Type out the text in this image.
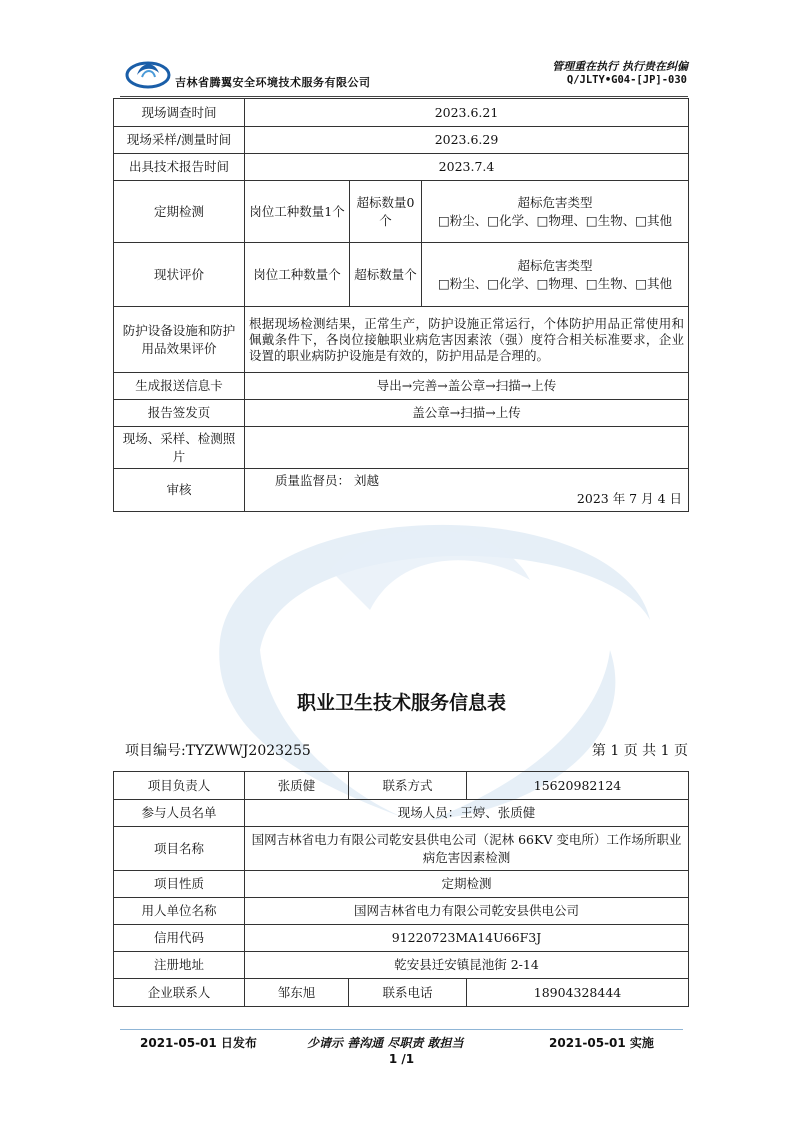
吉林省腾翼安全环境技术服务有限公司
管理重在执行 执行贵在纠偏
Q/JLTY•G04-[JP]-030
现场调查时间	2023.6.21		
现场采样/测量时间	2023.6.29		
出具技术报告时间	2023.7.4		
定期检测	岗位工种数量1个	超标数量0个	超标危害类型
□粉尘、□化学、□物理、□生物、□其他

现状评价	岗位工种数量个	超标数量个	超标危害类型
□粉尘、□化学、□物理、□生物、□其他

防护设备设施和防护用品效果评价	根据现场检测结果，正常生产，防护设施正常运行，个体防护用品正常使用和佩戴条件下，各岗位接触职业病危害因素浓（强）度符合相关标准要求，企业设置的职业病防护设施是有效的，防护用品是合理的。		
生成报送信息卡	导出→完善→盖公章→扫描→上传		
报告签发页	盖公章→扫描→上传		
现场、采样、检测照片			
审核	质量监督员： 刘越
2023 年 7 月 4 日		
职业卫生技术服务信息表
项目编号:TYZWWJ2023255	第 1 页 共 1 页
项目负责人	张质健	联系方式	15620982124
参与人员名单	现场人员：王婷、张质健		
项目名称	国网吉林省电力有限公司乾安县供电公司（泥林 66KV 变电所）工作场所职业病危害因素检测		
项目性质	定期检测		
用人单位名称	国网吉林省电力有限公司乾安县供电公司		
信用代码	91220723MA14U66F3J		
注册地址	乾安县迁安镇昆池街 2-14		
企业联系人	邹东旭	联系电话	18904328444
2021-05-01 日发布	少请示 善沟通 尽职责 敢担当	2021-05-01 实施
1 /1
